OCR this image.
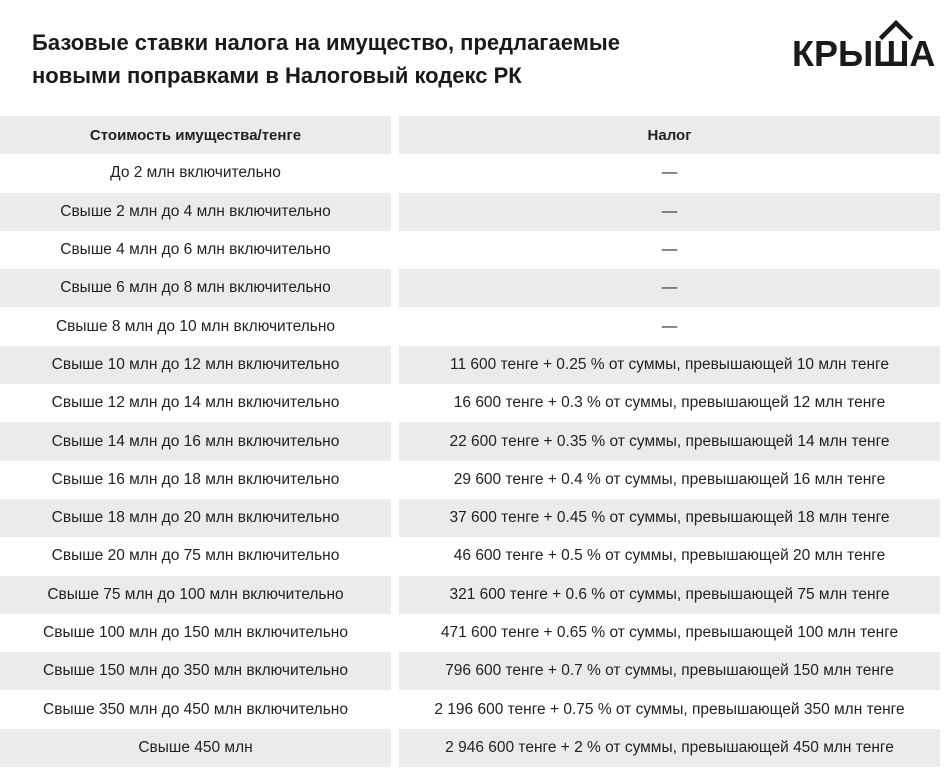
Базовые ставки налога на имущество, предлагаемые
новыми поправками в Налоговый кодекс РК
КРЫША
Стоимость имущества/тенге	Налог
До 2 млн включительно	—
Свыше 2 млн до 4 млн включительно	—
Свыше 4 млн до 6 млн включительно	—
Свыше 6 млн до 8 млн включительно	—
Свыше 8 млн до 10 млн включительно	—
Свыше 10 млн до 12 млн включительно	11 600 тенге + 0.25 % от суммы, превышающей 10 млн тенге
Свыше 12 млн до 14 млн включительно	16 600 тенге + 0.3 % от суммы, превышающей 12 млн тенге
Свыше 14 млн до 16 млн включительно	22 600 тенге + 0.35 % от суммы, превышающей 14 млн тенге
Свыше 16 млн до 18 млн включительно	29 600 тенге + 0.4 % от суммы, превышающей 16 млн тенге
Свыше 18 млн до 20 млн включительно	37 600 тенге + 0.45 % от суммы, превышающей 18 млн тенге
Свыше 20 млн до 75 млн включительно	46 600 тенге + 0.5 % от суммы, превышающей 20 млн тенге
Свыше 75 млн до 100 млн включительно	321 600 тенге + 0.6 % от суммы, превышающей 75 млн тенге
Свыше 100 млн до 150 млн включительно	471 600 тенге + 0.65 % от суммы, превышающей 100 млн тенге
Свыше 150 млн до 350 млн включительно	796 600 тенге + 0.7 % от суммы, превышающей 150 млн тенге
Свыше 350 млн до 450 млн включительно	2 196 600 тенге + 0.75 % от суммы, превышающей 350 млн тенге
Свыше 450 млн	2 946 600 тенге + 2 % от суммы, превышающей 450 млн тенге
